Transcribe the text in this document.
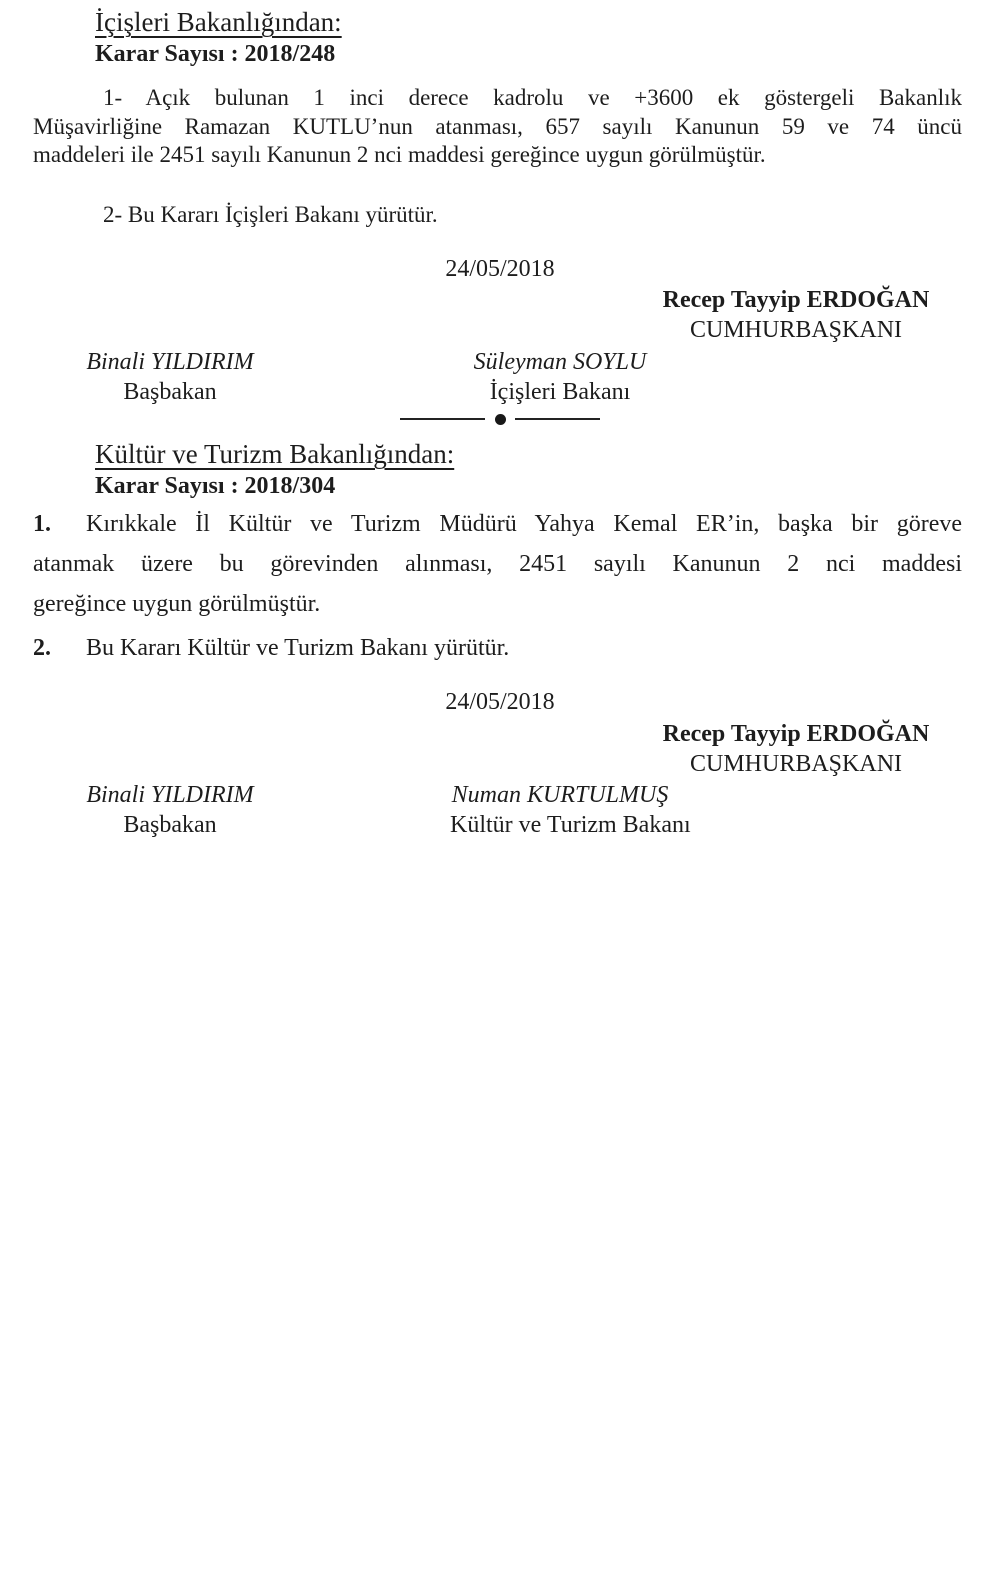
İçişleri Bakanlığından:
Karar Sayısı : 2018/248
1- Açık bulunan 1 inci derece kadrolu ve +3600 ek göstergeli Bakanlık
Müşavirliğine Ramazan KUTLU’nun atanması, 657 sayılı Kanunun 59 ve 74 üncü
maddeleri ile 2451 sayılı Kanunun 2 nci maddesi gereğince uygun görülmüştür.
2- Bu Kararı İçişleri Bakanı yürütür.
24/05/2018
Recep Tayyip ERDOĞAN
CUMHURBAŞKANI
Binali YILDIRIM
Başbakan
Süleyman SOYLU
İçişleri Bakanı
Kültür ve Turizm Bakanlığından:
Karar Sayısı : 2018/304
1.	Kırıkkale İl Kültür ve Turizm Müdürü Yahya Kemal ER’in, başka bir göreve
atanmak üzere bu görevinden alınması, 2451 sayılı Kanunun 2 nci maddesi
gereğince uygun görülmüştür.
2.	Bu Kararı Kültür ve Turizm Bakanı yürütür.
24/05/2018
Recep Tayyip ERDOĞAN
CUMHURBAŞKANI
Binali YILDIRIM
Başbakan
Numan KURTULMUŞ
Kültür ve Turizm Bakanı
